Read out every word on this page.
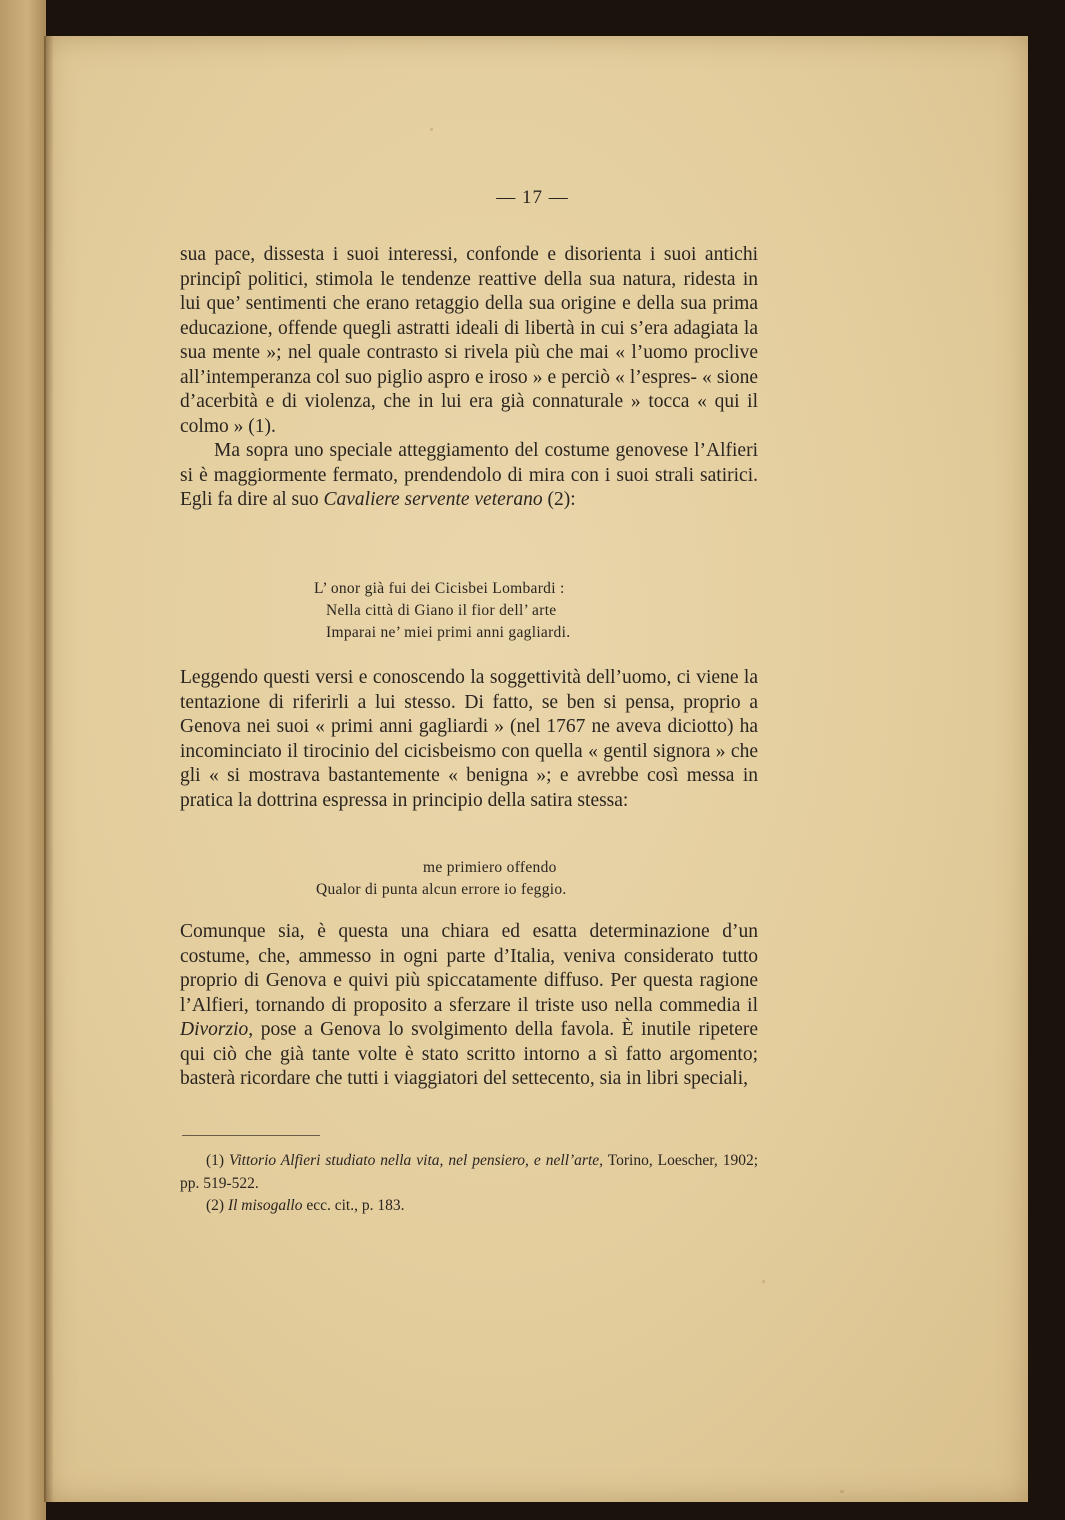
— 17 —

sua pace, dissesta i suoi interessi, confonde e disorienta i suoi antichi principî politici, stimola le tendenze reattive della sua natura, ridesta in lui que’ sentimenti che erano retaggio della sua origine e della sua prima educazione, offende quegli astratti ideali di libertà in cui s’era adagiata la sua mente »; nel quale contrasto si rivela più che mai « l’uomo proclive all’intemperanza col suo piglio aspro e iroso » e perciò « l’espres- « sione d’acerbità e di violenza, che in lui era già connaturale » tocca « qui il colmo » (1).

Ma sopra uno speciale atteggiamento del costume genovese l’Alfieri si è maggiormente fermato, prendendolo di mira con i suoi strali satirici. Egli fa dire al suo Cavaliere servente veterano (2):

L’ onor già fui dei Cicisbei Lombardi :
Nella città di Giano il fior dell’ arte
Imparai ne’ miei primi anni gagliardi.

Leggendo questi versi e conoscendo la soggettività dell’uomo, ci viene la tentazione di riferirli a lui stesso. Di fatto, se ben si pensa, proprio a Genova nei suoi « primi anni gagliardi » (nel 1767 ne aveva diciotto) ha incominciato il tirocinio del cicisbeismo con quella « gentil signora » che gli « si mostrava bastantemente « benigna »; e avrebbe così messa in pratica la dottrina espressa in principio della satira stessa:

me primiero offendo
Qualor di punta alcun errore io feggio.

Comunque sia, è questa una chiara ed esatta determinazione d’un costume, che, ammesso in ogni parte d’Italia, veniva considerato tutto proprio di Genova e quivi più spiccatamente diffuso. Per questa ragione l’Alfieri, tornando di proposito a sferzare il triste uso nella commedia il Divorzio, pose a Genova lo svolgimento della favola. È inutile ripetere qui ciò che già tante volte è stato scritto intorno a sì fatto argomento; basterà ricordare che tutti i viaggiatori del settecento, sia in libri speciali,

(1) Vittorio Alfieri studiato nella vita, nel pensiero, e nell’arte, Torino, Loescher, 1902; pp. 519-522.

(2) Il misogallo ecc. cit., p. 183.
